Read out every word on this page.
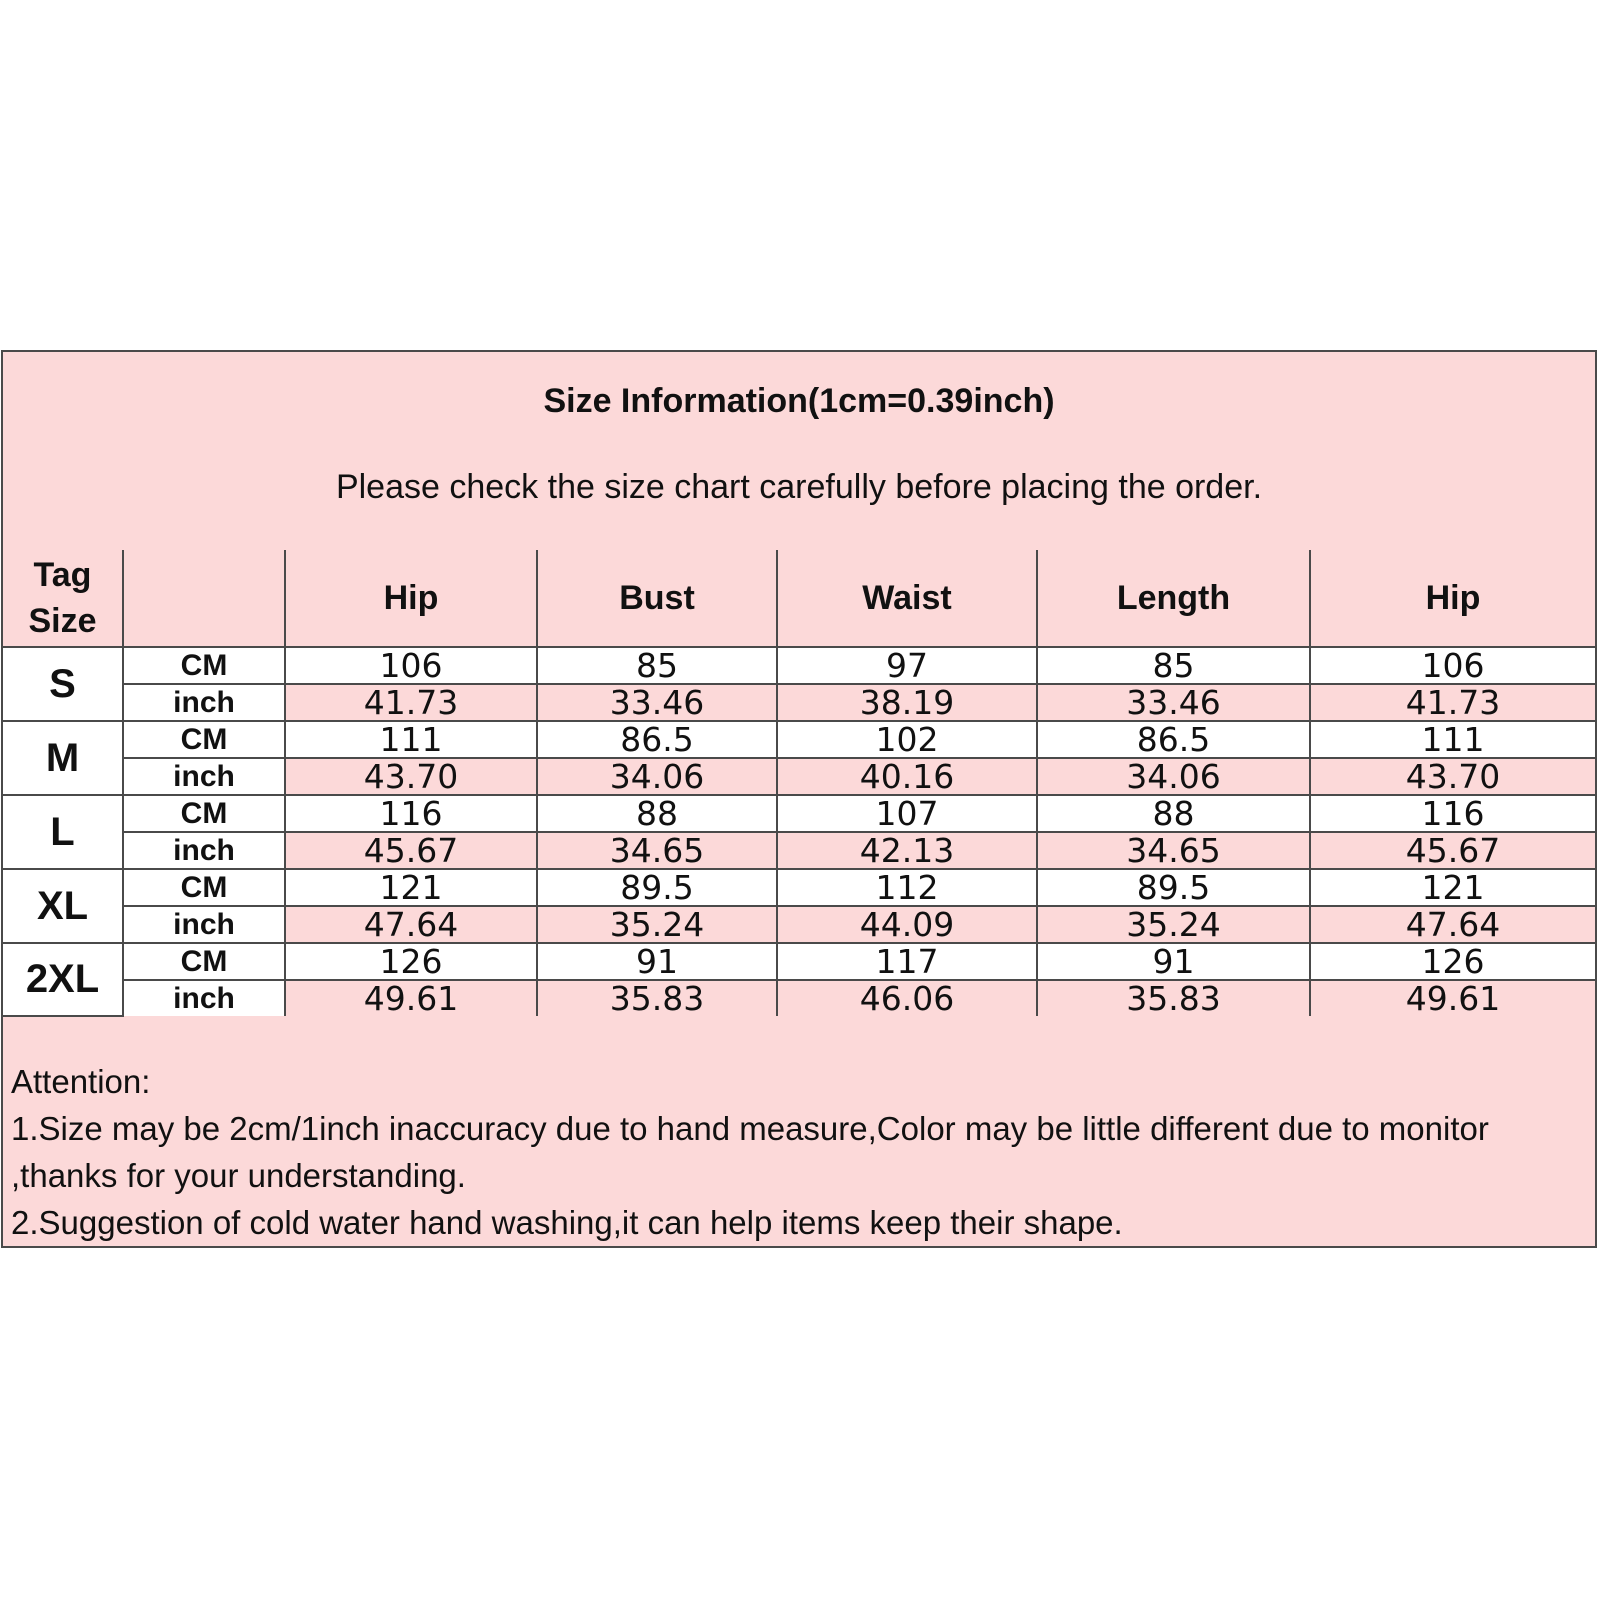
Size Information(1cm=0.39inch)
Please check the size chart carefully before placing the order.
Tag
Size		Hip	Bust	Waist	Length	Hip
S	CM	106	85	97	85	106
	inch	41.73	33.46	38.19	33.46	41.73
M	CM	111	86.5	102	86.5	111
	inch	43.70	34.06	40.16	34.06	43.70
L	CM	116	88	107	88	116
	inch	45.67	34.65	42.13	34.65	45.67
XL	CM	121	89.5	112	89.5	121
	inch	47.64	35.24	44.09	35.24	47.64
2XL	CM	126	91	117	91	126
	inch	49.61	35.83	46.06	35.83	49.61
Attention:
1.Size may be 2cm/1inch inaccuracy due to hand measure,Color may be little different due to monitor ,thanks for your understanding.
2.Suggestion of cold water hand washing,it can help items keep their shape.
